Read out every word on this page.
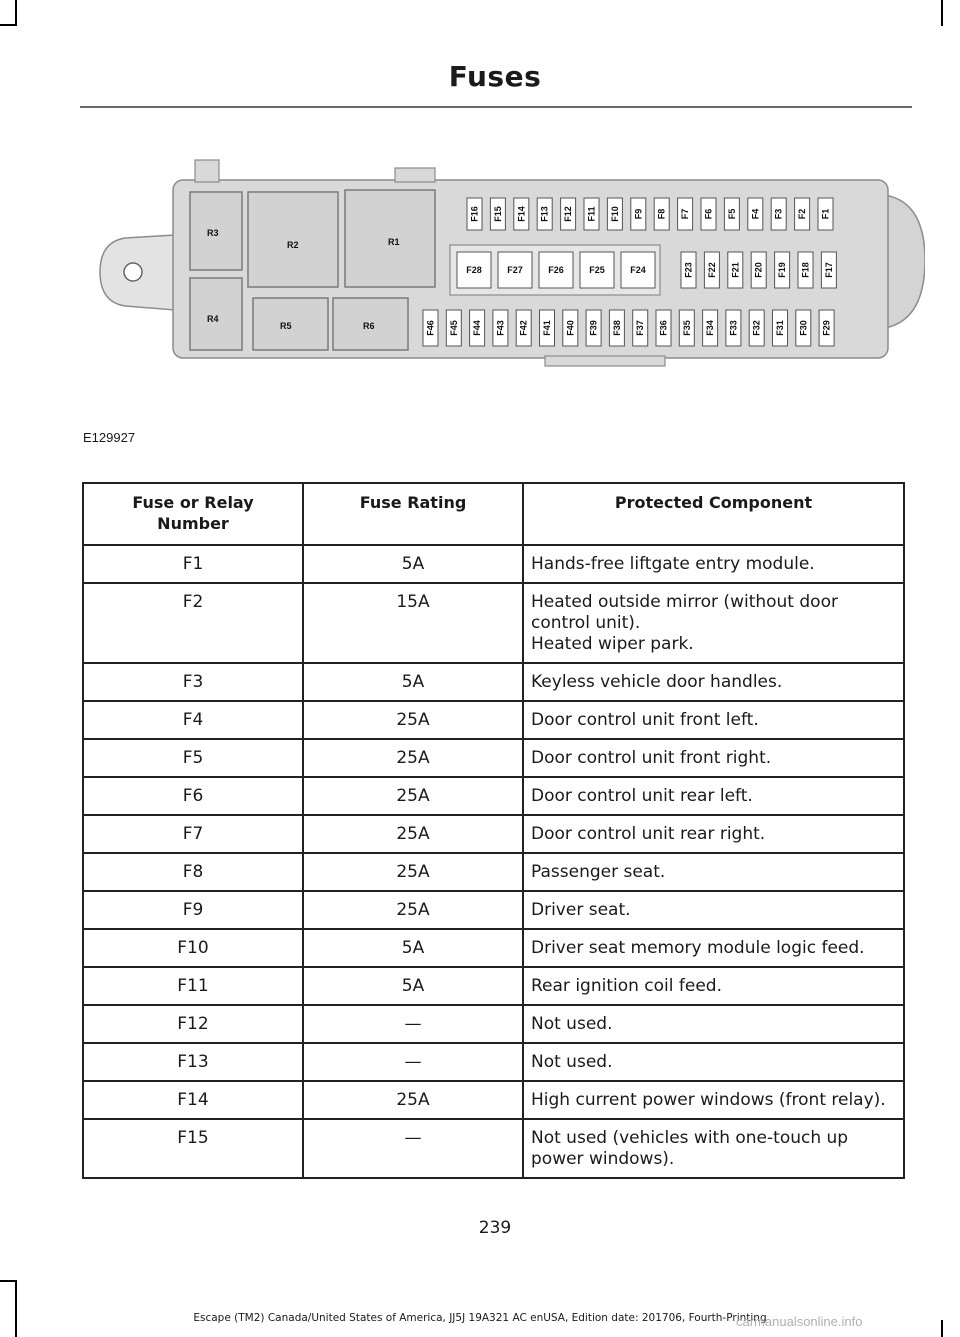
Fuses
R3
R2	R1
R4
R5	R6
F16 F15 F14 F13 F12 F11 F10 F9 F8 F7 F6 F5 F4 F3 F2 F1
F28	F27	F26	F25	F24	F23 F22 F21 F20 F19 F18 F17
F46 F45 F44 F43 F42 F41 F40 F39 F38 F37 F36 F35 F34 F33 F32 F31 F30 F29
E129927
Fuse or Relay
Number	Fuse Rating	Protected Component
F1	5A	Hands-free liftgate entry module.

F2	15A	Heated outside mirror (without door
control unit).
Heated wiper park.

F3	5A	Keyless vehicle door handles.

F4	25A	Door control unit front left.

F5	25A	Door control unit front right.

F6	25A	Door control unit rear left.

F7	25A	Door control unit rear right.

F8	25A	Passenger seat.

F9	25A	Driver seat.

F10	5A	Driver seat memory module logic feed.

F11	5A	Rear ignition coil feed.

F12	—	Not used.

F13	—	Not used.

F14	25A	High current power windows (front relay).

F15	—	Not used (vehicles with one-touch up
power windows).
239
Escape (TM2) Canada/United States of America, JJ5J 19A321 AC enUSA, Edition date: 201706, Fourth-Printing
carmanualsonline.info
